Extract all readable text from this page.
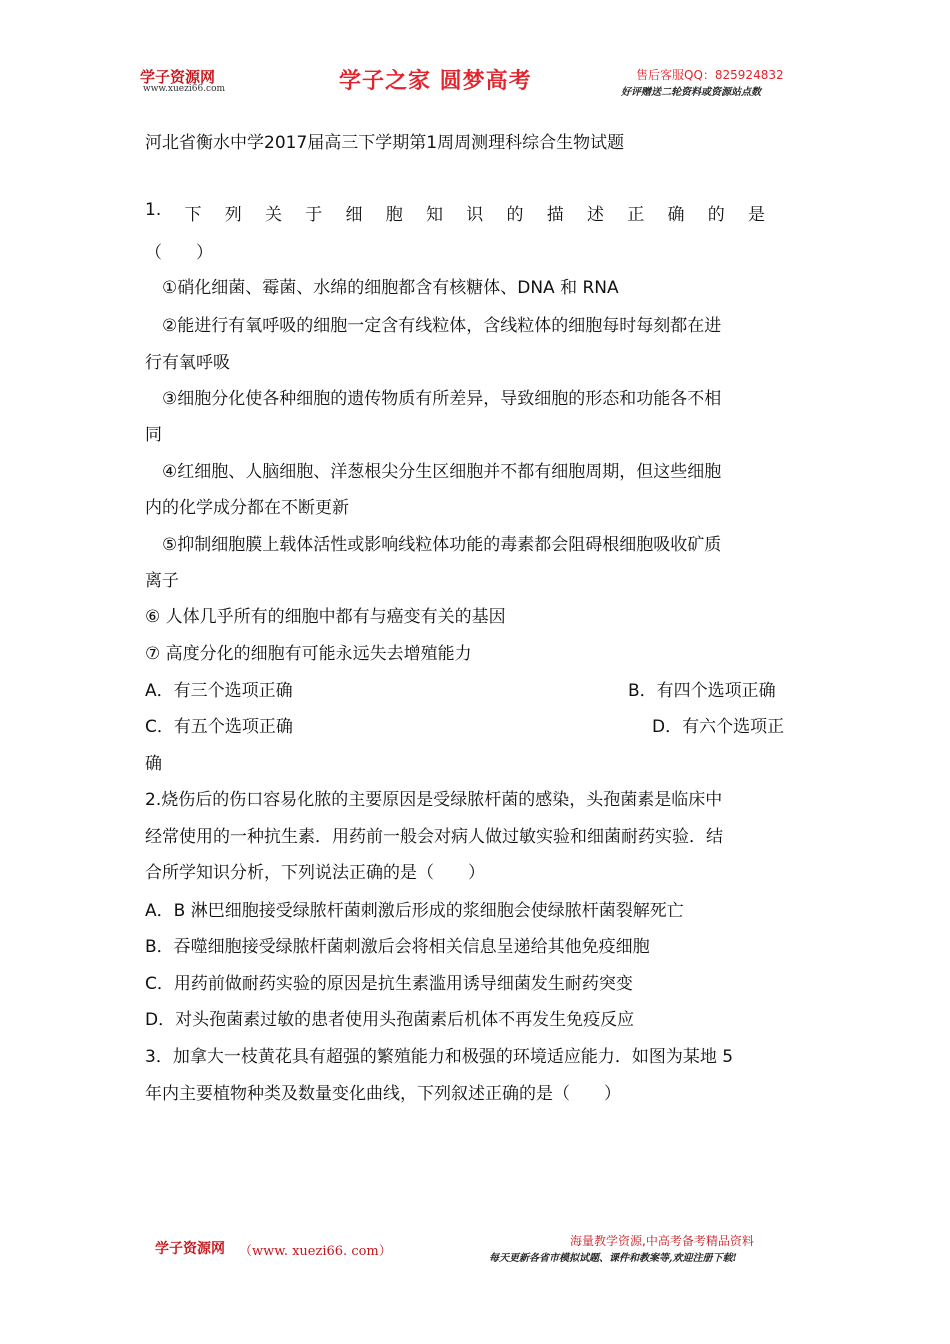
学子资源网
www.xuezi66.com	学子之家 圆梦高考	售后客服QQ：825924832
好评赠送二轮资料或资源站点数
河北省衡水中学2017届高三下学期第1周周测理科综合生物试题
1. 下 列 关 于 细 胞 知 识 的 描 述 正 确 的 是
（　　）
①硝化细菌、霉菌、水绵的细胞都含有核糖体、DNA 和 RNA
②能进行有氧呼吸的细胞一定含有线粒体，含线粒体的细胞每时每刻都在进
行有氧呼吸
③细胞分化使各种细胞的遗传物质有所差异，导致细胞的形态和功能各不相
同
④红细胞、人脑细胞、洋葱根尖分生区细胞并不都有细胞周期，但这些细胞
内的化学成分都在不断更新
⑤抑制细胞膜上载体活性或影响线粒体功能的毒素都会阻碍根细胞吸收矿质
离子
⑥ 人体几乎所有的细胞中都有与癌变有关的基因
⑦ 高度分化的细胞有可能永远失去增殖能力
A．有三个选项正确	B．有四个选项正确
C．有五个选项正确	D．有六个选项正
确
2.烧伤后的伤口容易化脓的主要原因是受绿脓杆菌的感染，头孢菌素是临床中
经常使用的一种抗生素．用药前一般会对病人做过敏实验和细菌耐药实验．结
合所学知识分析，下列说法正确的是（　　）
A．B 淋巴细胞接受绿脓杆菌刺激后形成的浆细胞会使绿脓杆菌裂解死亡
B．吞噬细胞接受绿脓杆菌刺激后会将相关信息呈递给其他免疫细胞
C．用药前做耐药实验的原因是抗生素滥用诱导细菌发生耐药突变
D．对头孢菌素过敏的患者使用头孢菌素后机体不再发生免疫反应
3．加拿大一枝黄花具有超强的繁殖能力和极强的环境适应能力．如图为某地 5
年内主要植物种类及数量变化曲线，下列叙述正确的是（　　）
学子资源网 （www. xuezi66. com）
海量教学资源,中高考备考精品资料
每天更新各省市模拟试题、课件和教案等,欢迎注册下载!
